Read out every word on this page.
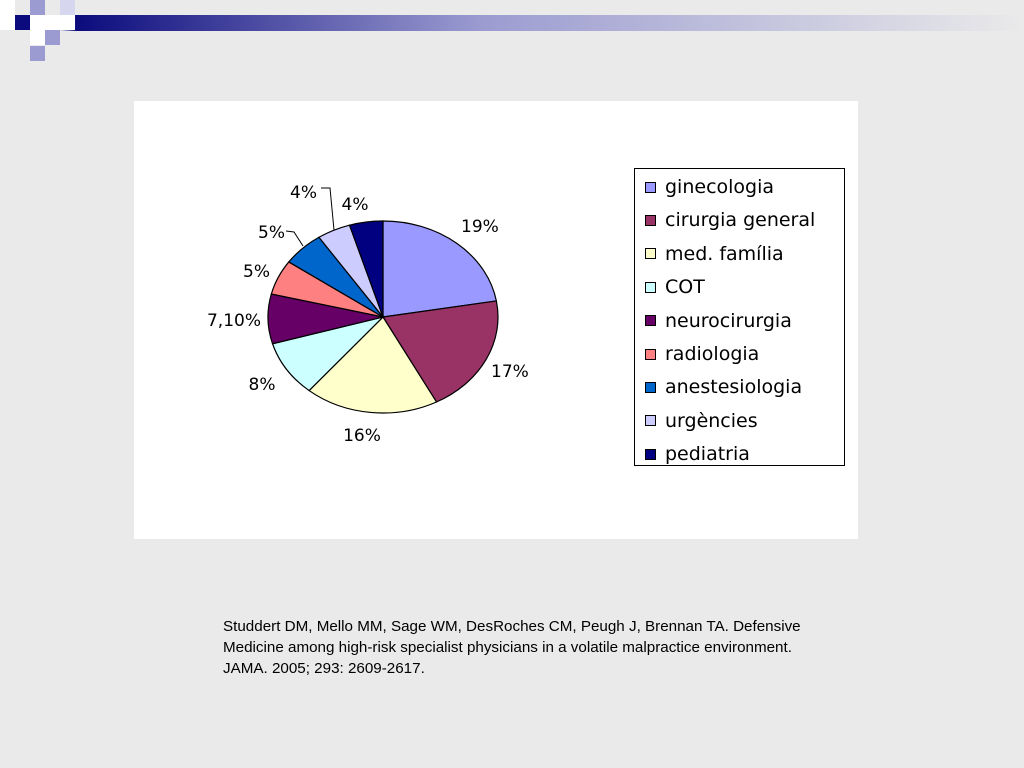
19%
17%
16%
8%
7,10%
5%
5%
4%
4%	ginecologia
cirurgia general
med. família
COT
neurocirurgia
radiologia
anestesiologia
urgències
pediatria
Studdert DM, Mello MM, Sage WM, DesRoches CM, Peugh J, Brennan TA. Defensive
Medicine among high-risk specialist physicians in a volatile malpractice environment.
JAMA. 2005; 293: 2609-2617.
